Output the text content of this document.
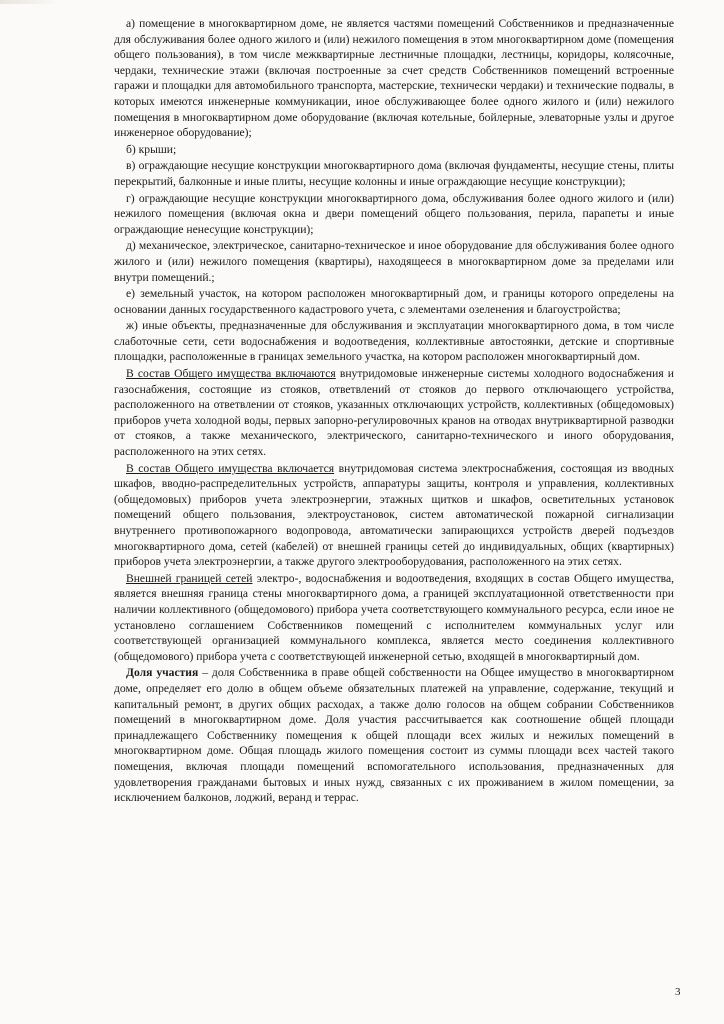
а) помещение в многоквартирном доме, не является частями помещений Собственников и предназначенные для обслуживания более одного жилого и (или) нежилого помещения в этом многоквартирном доме (помещения общего пользования), в том числе межквартирные лестничные площадки, лестницы, коридоры, колясочные, чердаки, технические этажи (включая построенные за счет средств Собственников помещений встроенные гаражи и площадки для автомобильного транспорта, мастерские, технически чердаки) и технические подвалы, в которых имеются инженерные коммуникации, иное обслуживающее более одного жилого и (или) нежилого помещения в многоквартирном доме оборудование (включая котельные, бойлерные, элеваторные узлы и другое инженерное оборудование);

б) крыши;

в) ограждающие несущие конструкции многоквартирного дома (включая фундаменты, несущие стены, плиты перекрытий, балконные и иные плиты, несущие колонны и иные ограждающие несущие конструкции);

г) ограждающие несущие конструкции многоквартирного дома, обслуживания более одного жилого и (или) нежилого помещения (включая окна и двери помещений общего пользования, перила, парапеты и иные ограждающие ненесущие конструкции);

д) механическое, электрическое, санитарно-техническое и иное оборудование для обслуживания более одного жилого и (или) нежилого помещения (квартиры), находящееся в многоквартирном доме за пределами или внутри помещений.;

е) земельный участок, на котором расположен многоквартирный дом, и границы которого определены на основании данных государственного кадастрового учета, с элементами озеленения и благоустройства;

ж) иные объекты, предназначенные для обслуживания и эксплуатации многоквартирного дома, в том числе слаботочные сети, сети водоснабжения и водоотведения, коллективные автостоянки, детские и спортивные площадки, расположенные в границах земельного участка, на котором расположен многоквартирный дом.

В состав Общего имущества включаются внутридомовые инженерные системы холодного водоснабжения и газоснабжения, состоящие из стояков, ответвлений от стояков до первого отключающего устройства, расположенного на ответвлении от стояков, указанных отключающих устройств, коллективных (общедомовых) приборов учета холодной воды, первых запорно-регулировочных кранов на отводах внутриквартирной разводки от стояков, а также механического, электрического, санитарно-технического и иного оборудования, расположенного на этих сетях.

В состав Общего имущества включается внутридомовая система электроснабжения, состоящая из вводных шкафов, вводно-распределительных устройств, аппаратуры защиты, контроля и управления, коллективных (общедомовых) приборов учета электроэнергии, этажных щитков и шкафов, осветительных установок помещений общего пользования, электроустановок, систем автоматической пожарной сигнализации внутреннего противопожарного водопровода, автоматически запирающихся устройств дверей подъездов многоквартирного дома, сетей (кабелей) от внешней границы сетей до индивидуальных, общих (квартирных) приборов учета электроэнергии, а также другого электрооборудования, расположенного на этих сетях.

Внешней границей сетей электро-, водоснабжения и водоотведения, входящих в состав Общего имущества, является внешняя граница стены многоквартирного дома, а границей эксплуатационной ответственности при наличии коллективного (общедомового) прибора учета соответствующего коммунального ресурса, если иное не установлено соглашением Собственников помещений с исполнителем коммунальных услуг или соответствующей организацией коммунального комплекса, является место соединения коллективного (общедомового) прибора учета с соответствующей инженерной сетью, входящей в многоквартирный дом.

Доля участия – доля Собственника в праве общей собственности на Общее имущество в многоквартирном доме, определяет его долю в общем объеме обязательных платежей на управление, содержание, текущий и капитальный ремонт, в других общих расходах, а также долю голосов на общем собрании Собственников помещений в многоквартирном доме. Доля участия рассчитывается как соотношение общей площади принадлежащего Собственнику помещения к общей площади всех жилых и нежилых помещений в многоквартирном доме. Общая площадь жилого помещения состоит из суммы площади всех частей такого помещения, включая площади помещений вспомогательного использования, предназначенных для удовлетворения гражданами бытовых и иных нужд, связанных с их проживанием в жилом помещении, за исключением балконов, лоджий, веранд и террас.

3
